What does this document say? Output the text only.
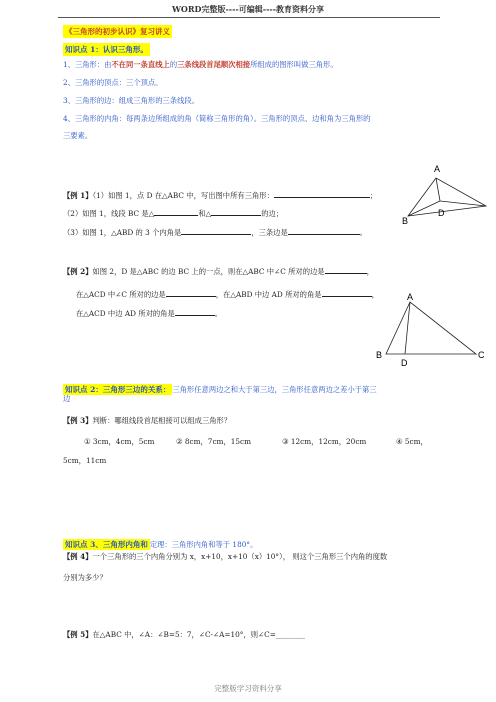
WORD完整版----可编辑----教育资料分享
《三角形的初步认识》复习讲义
知识点 1：认识三角形。
1、三角形：由不在同一条直线上的三条线段首尾顺次相接所组成的图形叫做三角形。
2、三角形的顶点：三个顶点。
3、三角形的边：组成三角形的三条线段。
4、三角形的内角：每两条边所组成的角（简称三角形的角）。三角形的顶点、边和角为三角形的
三要素。
A
B
D
【例 1】（1）如图 1，点 D 在△ABC 中，写出图中所有三角形：	；
（2）如图 1，线段 BC 是△	和△	的边；
（3）如图 1，△ABD 的 3 个内角是	，三条边是	。
【例 2】如图 2，D 是△ABC 的边 BC 上的一点，则在△ABC 中∠C 所对的边是	，
在△ACD 中∠C 所对的边是	，在△ABD 中边 AD 所对的角是	，
在△ACD 中边 AD 所对的角是	。
A
B	C
D
知识点 2：三角形三边的关系： 三角形任意两边之和大于第三边，三角形任意两边之差小于第三
边
【例 3】判断：哪组线段首尾相接可以组成三角形？
① 3cm，4cm，5cm	② 8cm，7cm，15cm	③ 12cm，12cm，20cm	④ 5cm，
5cm，11cm
知识点 3、三角形内角和 定理：三角形内角和等于 180°。
【例 4】一个三角形的三个内角分别为 x，x+10，x+10（x）10°）， 则这个三角形三个内角的度数
分别为多少？
【例 5】在△ABC 中，∠A：∠B=5：7，∠C-∠A=10°，则∠C=________
完整版学习资料分享
